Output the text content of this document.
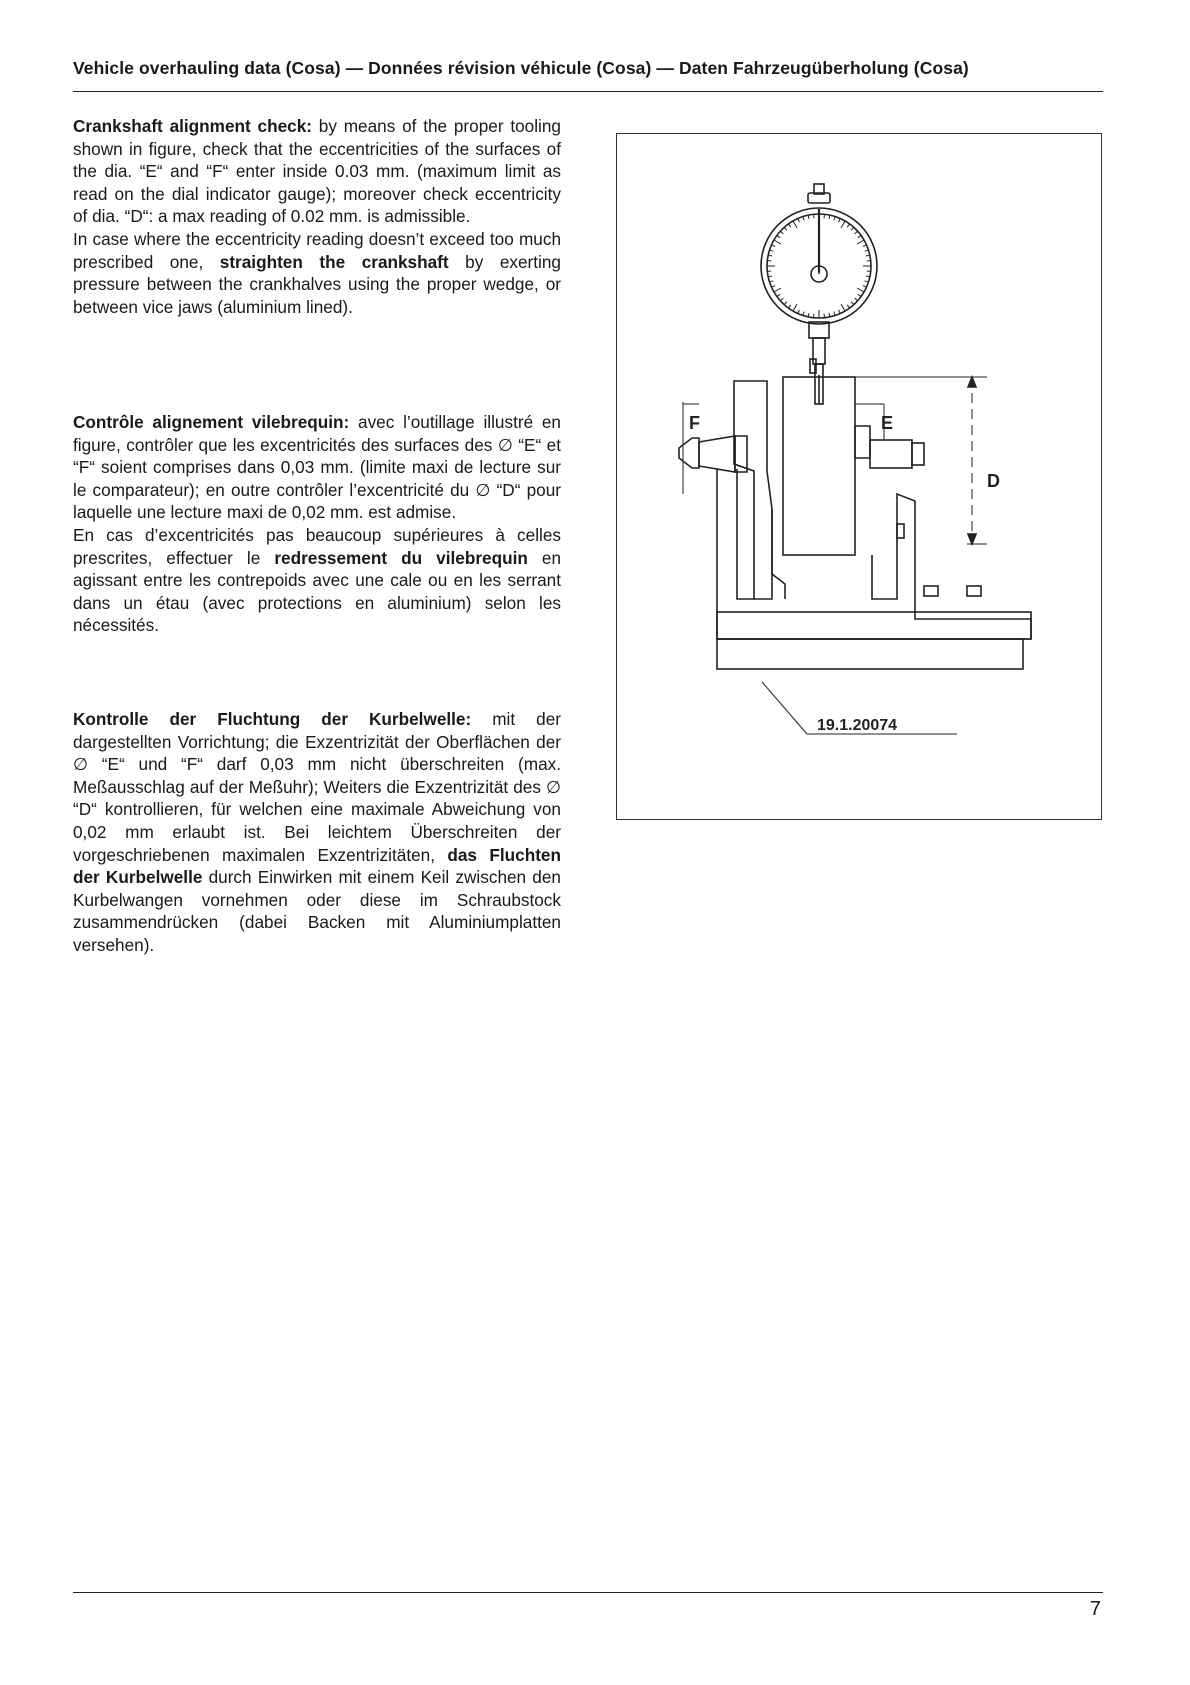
Vehicle overhauling data (Cosa) — Données révision véhicule (Cosa) — Daten Fahrzeugüberholung (Cosa)

Crankshaft alignment check: by means of the proper tooling shown in figure, check that the eccentricities of the surfaces of the dia. “E“ and “F“ enter inside 0.03 mm. (maximum limit as read on the dial indicator gauge); moreover check eccentricity of dia. “D“: a max reading of 0.02 mm. is admissible.

In case where the eccentricity reading doesn’t exceed too much prescribed one, straighten the crankshaft by exerting pressure between the crankhalves using the proper wedge, or between vice jaws (aluminium lined).

Contrôle alignement vilebrequin: avec l’outillage illustré en figure, contrôler que les excentricités des surfaces des ∅ “E“ et “F“ soient comprises dans 0,03 mm. (limite maxi de lecture sur le comparateur); en outre contrôler l’excentricité du ∅ “D“ pour laquelle une lecture maxi de 0,02 mm. est admise.

En cas d’excentricités pas beaucoup supérieures à celles prescrites, effectuer le redressement du vilebrequin en agissant entre les contrepoids avec une cale ou en les serrant dans un étau (avec protections en aluminium) selon les nécessités.

Kontrolle der Fluchtung der Kurbelwelle: mit der dargestellten Vorrichtung; die Exzentrizität der Oberflächen der ∅ “E“ und “F“ darf 0,03 mm nicht überschreiten (max. Meßausschlag auf der Meßuhr); Weiters die Exzentrizität des ∅ “D“ kontrollieren, für welchen eine maximale Abweichung von 0,02 mm erlaubt ist. Bei leichtem Überschreiten der vorgeschriebenen maximalen Exzentrizitäten, das Fluchten der Kurbelwelle durch Einwirken mit einem Keil zwischen den Kurbelwangen vornehmen oder diese im Schraubstock zusammendrücken (dabei Backen mit Aluminiumplatten versehen).

F	E
D
19.1.20074
7
